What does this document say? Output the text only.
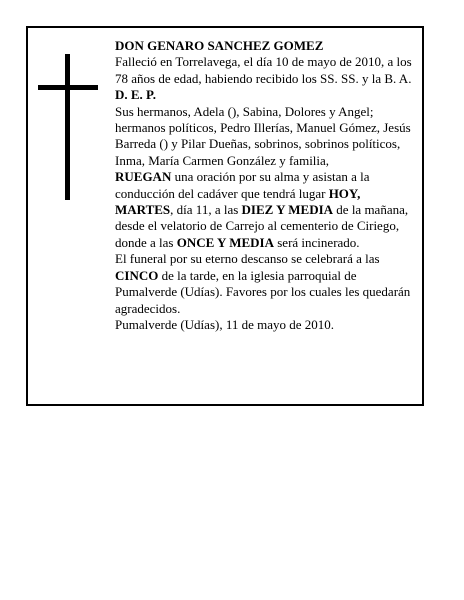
DON GENARO SANCHEZ GOMEZ

Falleció en Torrelavega, el día 10 de mayo de 2010, a los 78 años de edad, habiendo recibido los SS. SS. y la B. A.

D. E. P.

Sus hermanos, Adela (), Sabina, Dolores y Angel; hermanos políticos, Pedro Illerías, Manuel Gómez, Jesús Barreda () y Pilar Dueñas, sobrinos, sobrinos políticos, Inma, María Carmen González y familia,

RUEGAN una oración por su alma y asistan a la conducción del cadáver que tendrá lugar HOY, MARTES, día 11, a las DIEZ Y MEDIA de la mañana, desde el velatorio de Carrejo al cementerio de Ciriego, donde a las ONCE Y MEDIA será incinerado.

El funeral por su eterno descanso se celebrará a las CINCO de la tarde, en la iglesia parroquial de Pumalverde (Udías). Favores por los cuales les quedarán agradecidos.

Pumalverde (Udías), 11 de mayo de 2010.
